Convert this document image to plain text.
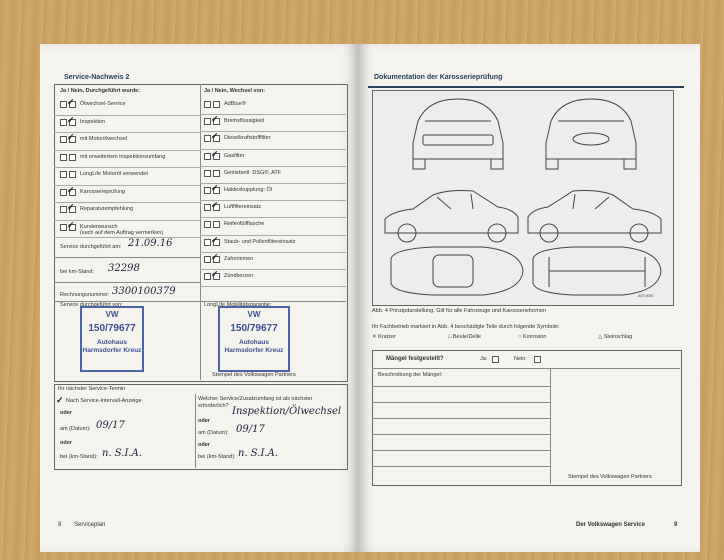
Service-Nachweis 2
Ja / Nein, Durchgeführt wurde:	Ja / Nein, Wechsel von:
✓ Ölwechsel-Service
✓ Inspektion
✓ mit Motorölwechsel
mit erweitertem Inspektionsumfang
LongLife Motoröl verwendet
✓ Karosserieprüfung
✓ Reparaturempfehlung
✓ Kundenwunsch
(such auf dem Auftrag vermerken)
AdBlue®
✓ Bremsflüssigkeit
✓ Dieselkraftstofffilter
✓ Gasfilter
Getriebeöl: DSG®, ATF
✓ Haldexkupplung: Öl
✓ Luftfiltereinsatz
Reifenfüllflasche
✓ Staub- und Pollenfiltereinsatz
✓ Zahnriemen
✓ Zündkerzen
Service durchgeführt am: 21.09.16
bei km-Stand: 32298
Rechnungsnummer: 3300100379
Service durchgeführt von:	LongLife Mobilitätsgarantie:
VW
150/79677
Autohaus
Harmsdorfer Kreuz
VW
150/79677
Autohaus
Harmsdorfer Kreuz
Stempel des Volkswagen Partners
Ihr nächster Service-Termin
✓ Nach Service-Intervall-Anzeige
oder
am (Datum): 09/17
oder
bei (km-Stand): n. S.I.A.
Welcher Service/Zusatzumfang ist als nächster
erforderlich? Inspektion/Ölwechsel
oder
am (Datum): 09/17
oder
bei (km-Stand): n. S.I.A.
8 Serviceplan
Dokumentation der Karosserieprüfung
AVT-0000
Abb. 4 Prinzipdarstellung. Gilt für alle Fahrzeuge und Karosserieformen
Ihr Fachbetrieb markiert in Abb. 4 beschädigte Teile durch folgende Symbole:
✕ Kratzer	□ Beule/Delle	○ Korrosion	△ Steinschlag
Mängel festgestellt?	Ja:	Nein:
Beschreibung der Mängel:
Stempel des Volkswagen Partners
Der Volkswagen Service	9
